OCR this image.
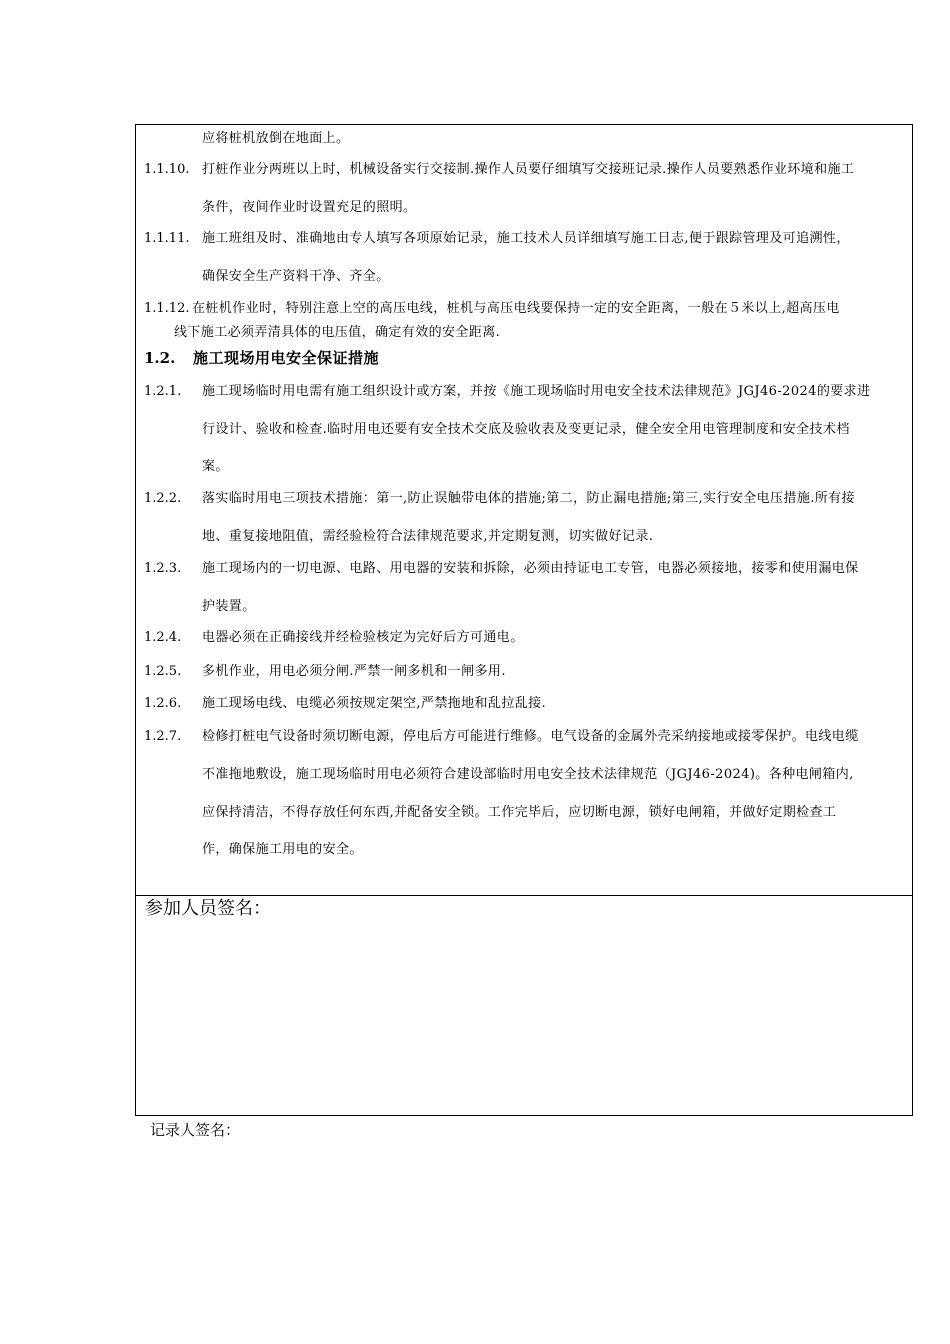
应将桩机放倒在地面上。
1.1.10. 打桩作业分两班以上时，机械设备实行交接制.操作人员要仔细填写交接班记录.操作人员要熟悉作业环境和施工
条件，夜间作业时设置充足的照明。
1.1.11. 施工班组及时、准确地由专人填写各项原始记录，施工技术人员详细填写施工日志,便于跟踪管理及可追溯性，
确保安全生产资料干净、齐全。
1.1.12. 在桩机作业时，特别注意上空的高压电线，桩机与高压电线要保持一定的安全距离，一般在５米以上,超高压电
线下施工必须弄清具体的电压值，确定有效的安全距离.
1.2. 施工现场用电安全保证措施
1.2.1. 施工现场临时用电需有施工组织设计或方案，并按《施工现场临时用电安全技术法律规范》JGJ46-2024的要求进
行设计、验收和检查.临时用电还要有安全技术交底及验收表及变更记录，健全安全用电管理制度和安全技术档
案。
1.2.2. 落实临时用电三项技术措施：第一,防止误触带电体的措施;第二，防止漏电措施;第三,实行安全电压措施.所有接
地、重复接地阻值，需经验检符合法律规范要求,并定期复测，切实做好记录.
1.2.3. 施工现场内的一切电源、电路、用电器的安装和拆除，必须由持证电工专管，电器必须接地，接零和使用漏电保
护装置。
1.2.4. 电器必须在正确接线并经检验核定为完好后方可通电。
1.2.5. 多机作业，用电必须分闸.严禁一闸多机和一闸多用.
1.2.6. 施工现场电线、电缆必须按规定架空,严禁拖地和乱拉乱接.
1.2.7. 检修打桩电气设备时须切断电源，停电后方可能进行维修。电气设备的金属外壳采纳接地或接零保护。电线电缆
不准拖地敷设，施工现场临时用电必须符合建设部临时用电安全技术法律规范（JGJ46-2024)。各种电闸箱内,
应保持清洁，不得存放任何东西,并配备安全锁。工作完毕后，应切断电源，锁好电闸箱，并做好定期检查工
作，确保施工用电的安全。
参加人员签名：
记录人签名：
